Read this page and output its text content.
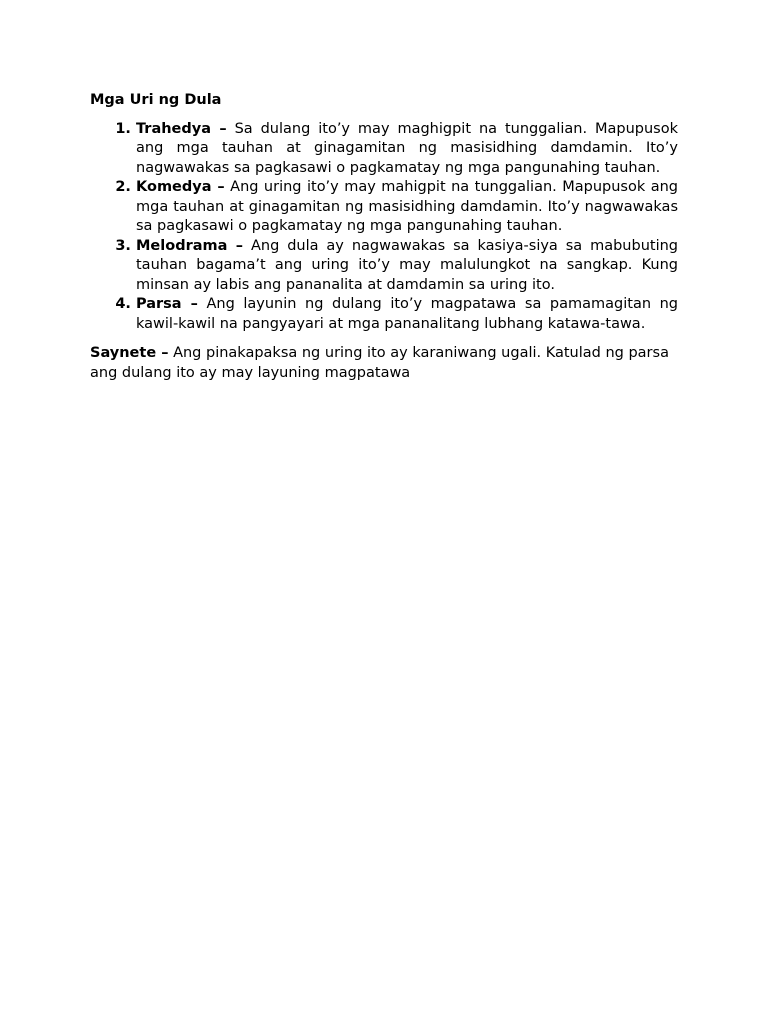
Mga Uri ng Dula
1. Trahedya – Sa dulang ito’y may maghigpit na tunggalian. Mapupusok ang mga tauhan at ginagamitan ng masisidhing damdamin. Ito’y nagwawakas sa pagkasawi o pagkamatay ng mga pangunahing tauhan.
2. Komedya – Ang uring ito’y may mahigpit na tunggalian. Mapupusok ang mga tauhan at ginagamitan ng masisidhing damdamin. Ito’y nagwawakas sa pagkasawi o pagkamatay ng mga pangunahing tauhan.
3. Melodrama – Ang dula ay nagwawakas sa kasiya-siya sa mabubuting tauhan bagama’t ang uring ito’y may malulungkot na sangkap. Kung minsan ay labis ang pananalita at damdamin sa uring ito.
4. Parsa – Ang layunin ng dulang ito’y magpatawa sa pamamagitan ng kawil-kawil na pangyayari at mga pananalitang lubhang katawa-tawa.

Saynete – Ang pinakapaksa ng uring ito ay karaniwang ugali. Katulad ng parsa ang dulang ito ay may layuning magpatawa
